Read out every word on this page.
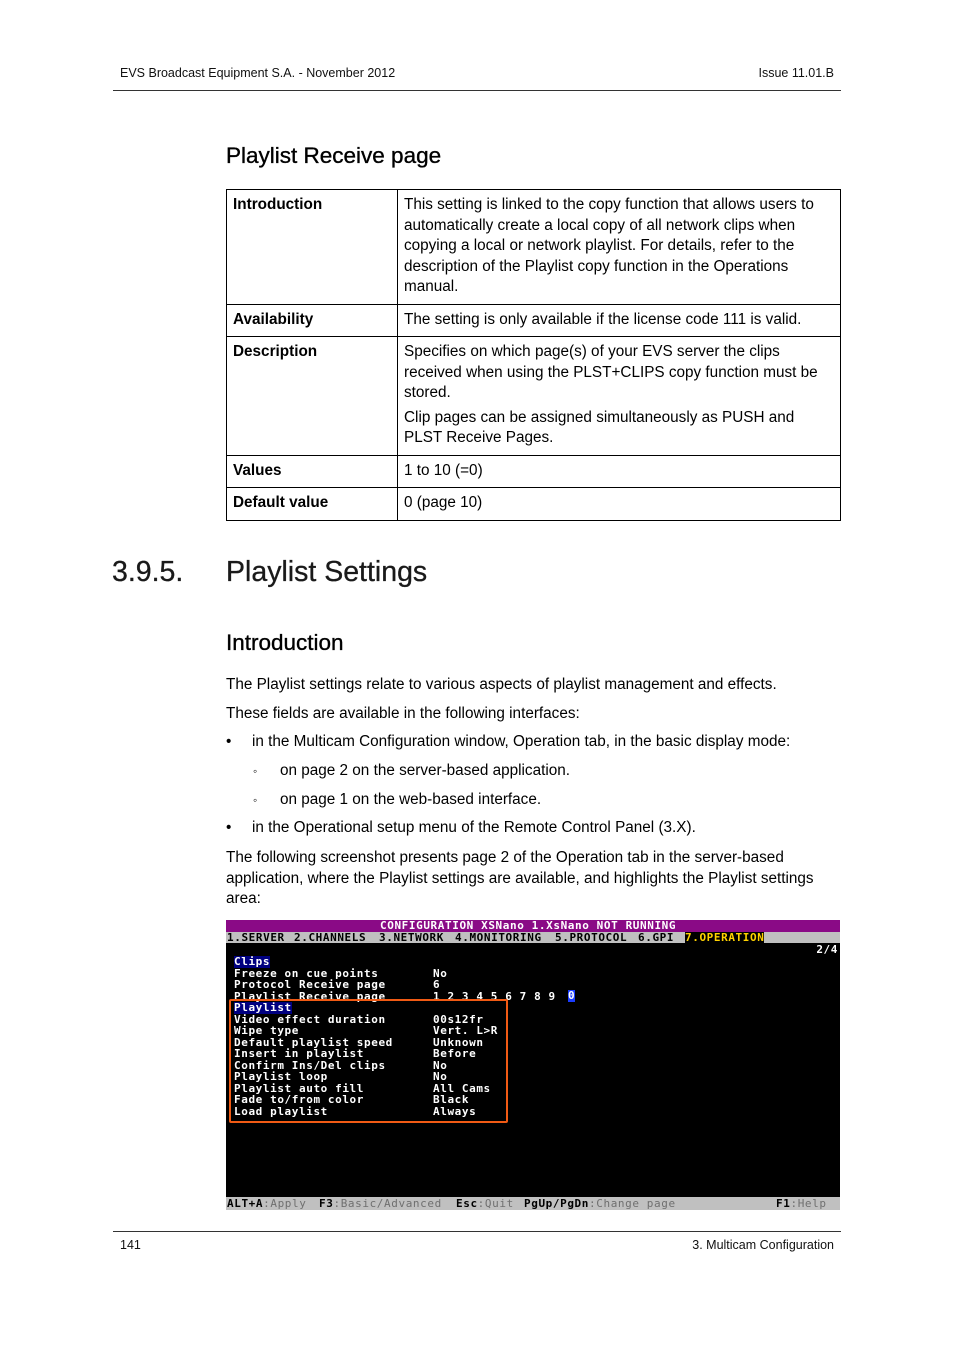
EVS Broadcast Equipment S.A. - November 2012	Issue 11.01.B
Playlist Receive page
Introduction	This setting is linked to the copy function that allows users to automatically create a local copy of all network clips when copying a local or network playlist. For details, refer to the description of the Playlist copy function in the Operations manual.

Availability	The setting is only available if the license code 111 is valid.

Description	Specifies on which page(s) of your EVS server the clips received when using the PLST+CLIPS copy function must be stored.

Clip pages can be assigned simultaneously as PUSH and PLST Receive Pages.

Values	1 to 10 (=0)

Default value	0 (page 10)

3.9.5. Playlist Settings
Introduction
The Playlist settings relate to various aspects of playlist management and effects.
These fields are available in the following interfaces:
• in the Multicam Configuration window, Operation tab, in the basic display mode:
◦ on page 2 on the server-based application.
◦ on page 1 on the web-based interface.
• in the Operational setup menu of the Remote Control Panel (3.X).
The following screenshot presents page 2 of the Operation tab in the server-based application, where the Playlist settings are available, and highlights the Playlist settings area:
CONFIGURATION XSNano 1.XsNano NOT RUNNING
1.SERVER 2.CHANNELS 3.NETWORK 4.MONITORING 5.PROTOCOL 6.GPI 7.OPERATION
2/4
Clips
Freeze on cue points	No
Protocol Receive page	6
Playlist Receive page	1 2 3 4 5 6 7 8 9 0
Playlist
Video effect duration	00s12fr
Wipe type	Vert. L>R
Default playlist speed	Unknown
Insert in playlist	Before
Confirm Ins/Del clips	No
Playlist loop	No
Playlist auto fill	All Cams
Fade to/from color	Black
Load playlist	Always
ALT+A:Apply F3:Basic/Advanced Esc:Quit PgUp/PgDn:Change page	F1:Help
141	3. Multicam Configuration
